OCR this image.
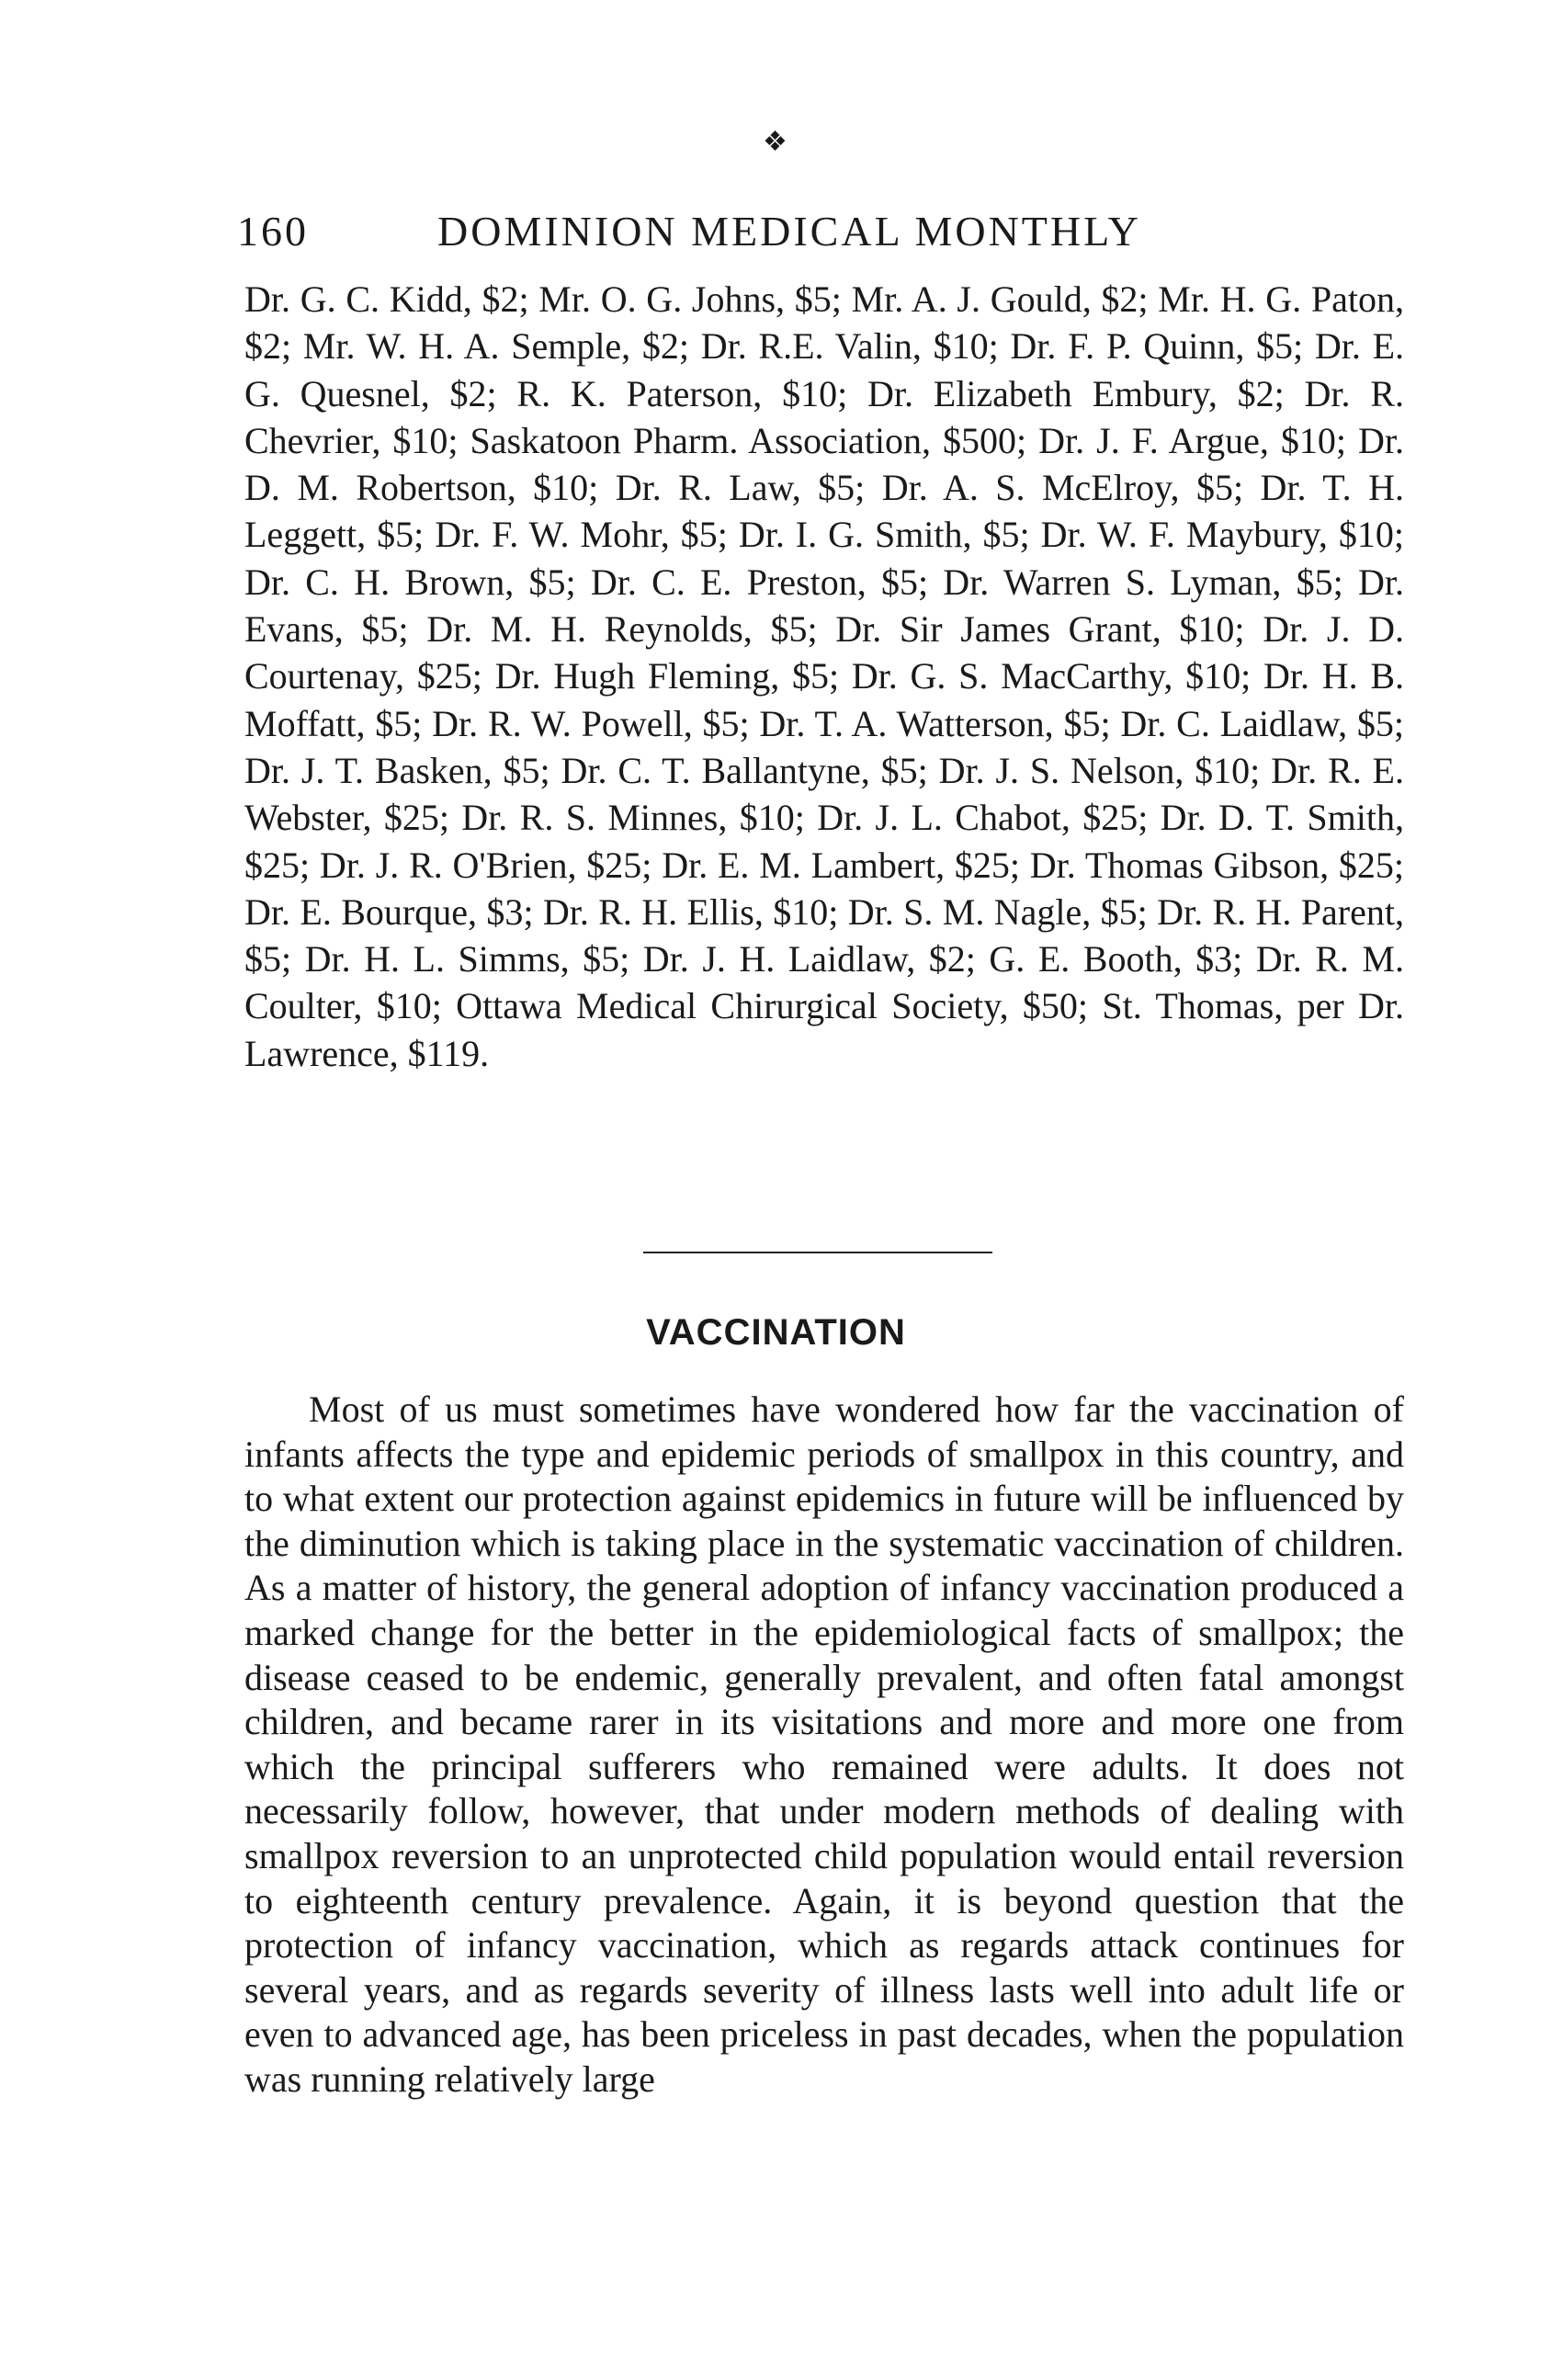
❖
160	DOMINION MEDICAL MONTHLY

Dr. G. C. Kidd, $2; Mr. O. G. Johns, $5; Mr. A. J. Gould, $2; Mr. H. G. Paton, $2; Mr. W. H. A. Semple, $2; Dr. R.E. Valin, $10; Dr. F. P. Quinn, $5; Dr. E. G. Quesnel, $2; R. K. Paterson, $10; Dr. Elizabeth Embury, $2; Dr. R. Chevrier, $10; Saskatoon Pharm. Association, $500; Dr. J. F. Argue, $10; Dr. D. M. Robertson, $10; Dr. R. Law, $5; Dr. A. S. McElroy, $5; Dr. T. H. Leggett, $5; Dr. F. W. Mohr, $5; Dr. I. G. Smith, $5; Dr. W. F. Maybury, $10; Dr. C. H. Brown, $5; Dr. C. E. Preston, $5; Dr. Warren S. Lyman, $5; Dr. Evans, $5; Dr. M. H. Reynolds, $5; Dr. Sir James Grant, $10; Dr. J. D. Courtenay, $25; Dr. Hugh Fleming, $5; Dr. G. S. MacCarthy, $10; Dr. H. B. Moffatt, $5; Dr. R. W. Powell, $5; Dr. T. A. Watterson, $5; Dr. C. Laidlaw, $5; Dr. J. T. Basken, $5; Dr. C. T. Ballantyne, $5; Dr. J. S. Nelson, $10; Dr. R. E. Webster, $25; Dr. R. S. Minnes, $10; Dr. J. L. Chabot, $25; Dr. D. T. Smith, $25; Dr. J. R. O'Brien, $25; Dr. E. M. Lambert, $25; Dr. Thomas Gibson, $25; Dr. E. Bourque, $3; Dr. R. H. Ellis, $10; Dr. S. M. Nagle, $5; Dr. R. H. Parent, $5; Dr. H. L. Simms, $5; Dr. J. H. Laidlaw, $2; G. E. Booth, $3; Dr. R. M. Coulter, $10; Ottawa Medical Chirurgical Society, $50; St. Thomas, per Dr. Lawrence, $119.

VACCINATION

Most of us must sometimes have wondered how far the vaccination of infants affects the type and epidemic periods of smallpox in this country, and to what extent our protection against epidemics in future will be influenced by the diminution which is taking place in the systematic vaccination of children. As a matter of history, the general adoption of infancy vaccination produced a marked change for the better in the epidemiological facts of smallpox; the disease ceased to be endemic, generally prevalent, and often fatal amongst children, and became rarer in its visitations and more and more one from which the principal sufferers who remained were adults. It does not necessarily follow, however, that under modern methods of dealing with smallpox reversion to an unprotected child population would entail reversion to eighteenth century prevalence. Again, it is beyond question that the protection of infancy vaccination, which as regards attack continues for several years, and as regards severity of illness lasts well into adult life or even to advanced age, has been priceless in past decades, when the population was running relatively large
